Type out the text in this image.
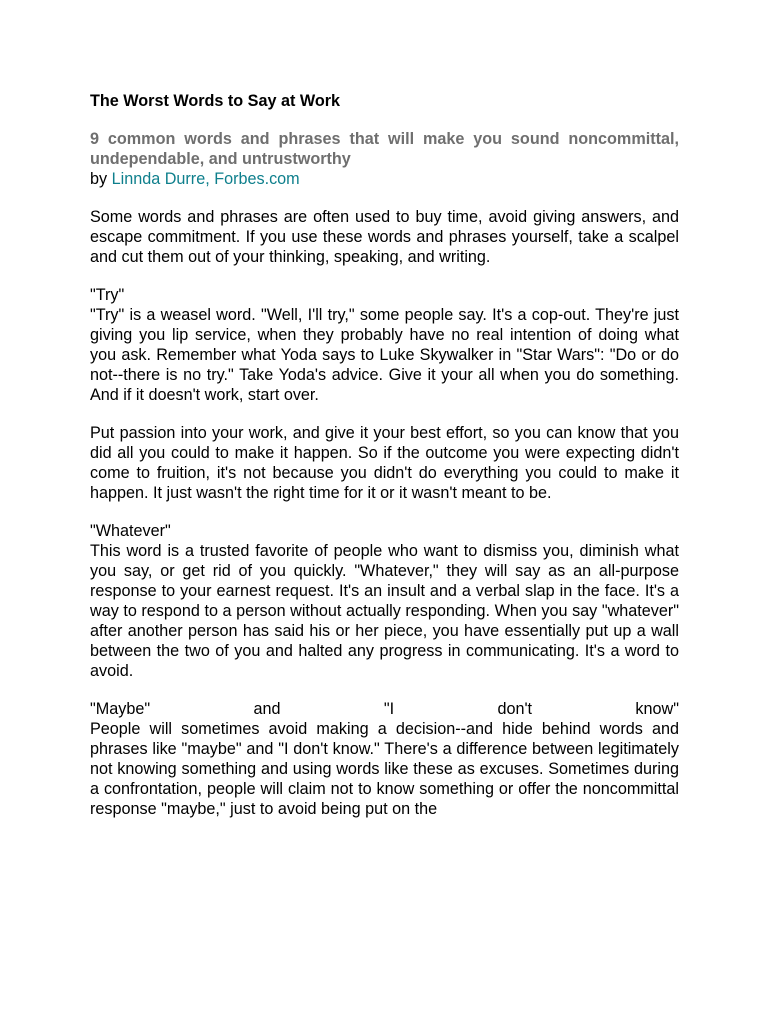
The Worst Words to Say at Work
9 common words and phrases that will make you sound noncommittal, undependable, and untrustworthy
by Linnda Durre, Forbes.com

Some words and phrases are often used to buy time, avoid giving answers, and escape commitment. If you use these words and phrases yourself, take a scalpel and cut them out of your thinking, speaking, and writing.

"Try"

"Try" is a weasel word. "Well, I'll try," some people say. It's a cop-out. They're just giving you lip service, when they probably have no real intention of doing what you ask. Remember what Yoda says to Luke Skywalker in "Star Wars": "Do or do not--there is no try." Take Yoda's advice. Give it your all when you do something. And if it doesn't work, start over.

Put passion into your work, and give it your best effort, so you can know that you did all you could to make it happen. So if the outcome you were expecting didn't come to fruition, it's not because you didn't do everything you could to make it happen. It just wasn't the right time for it or it wasn't meant to be.

"Whatever"

This word is a trusted favorite of people who want to dismiss you, diminish what you say, or get rid of you quickly. "Whatever," they will say as an all-purpose response to your earnest request. It's an insult and a verbal slap in the face. It's a way to respond to a person without actually responding. When you say "whatever" after another person has said his or her piece, you have essentially put up a wall between the two of you and halted any progress in communicating. It's a word to avoid.

"Maybe"	and	"I	don't	know"

People will sometimes avoid making a decision--and hide behind words and phrases like "maybe" and "I don't know." There's a difference between legitimately not knowing something and using words like these as excuses. Sometimes during a confrontation, people will claim not to know something or offer the noncommittal response "maybe," just to avoid being put on the
